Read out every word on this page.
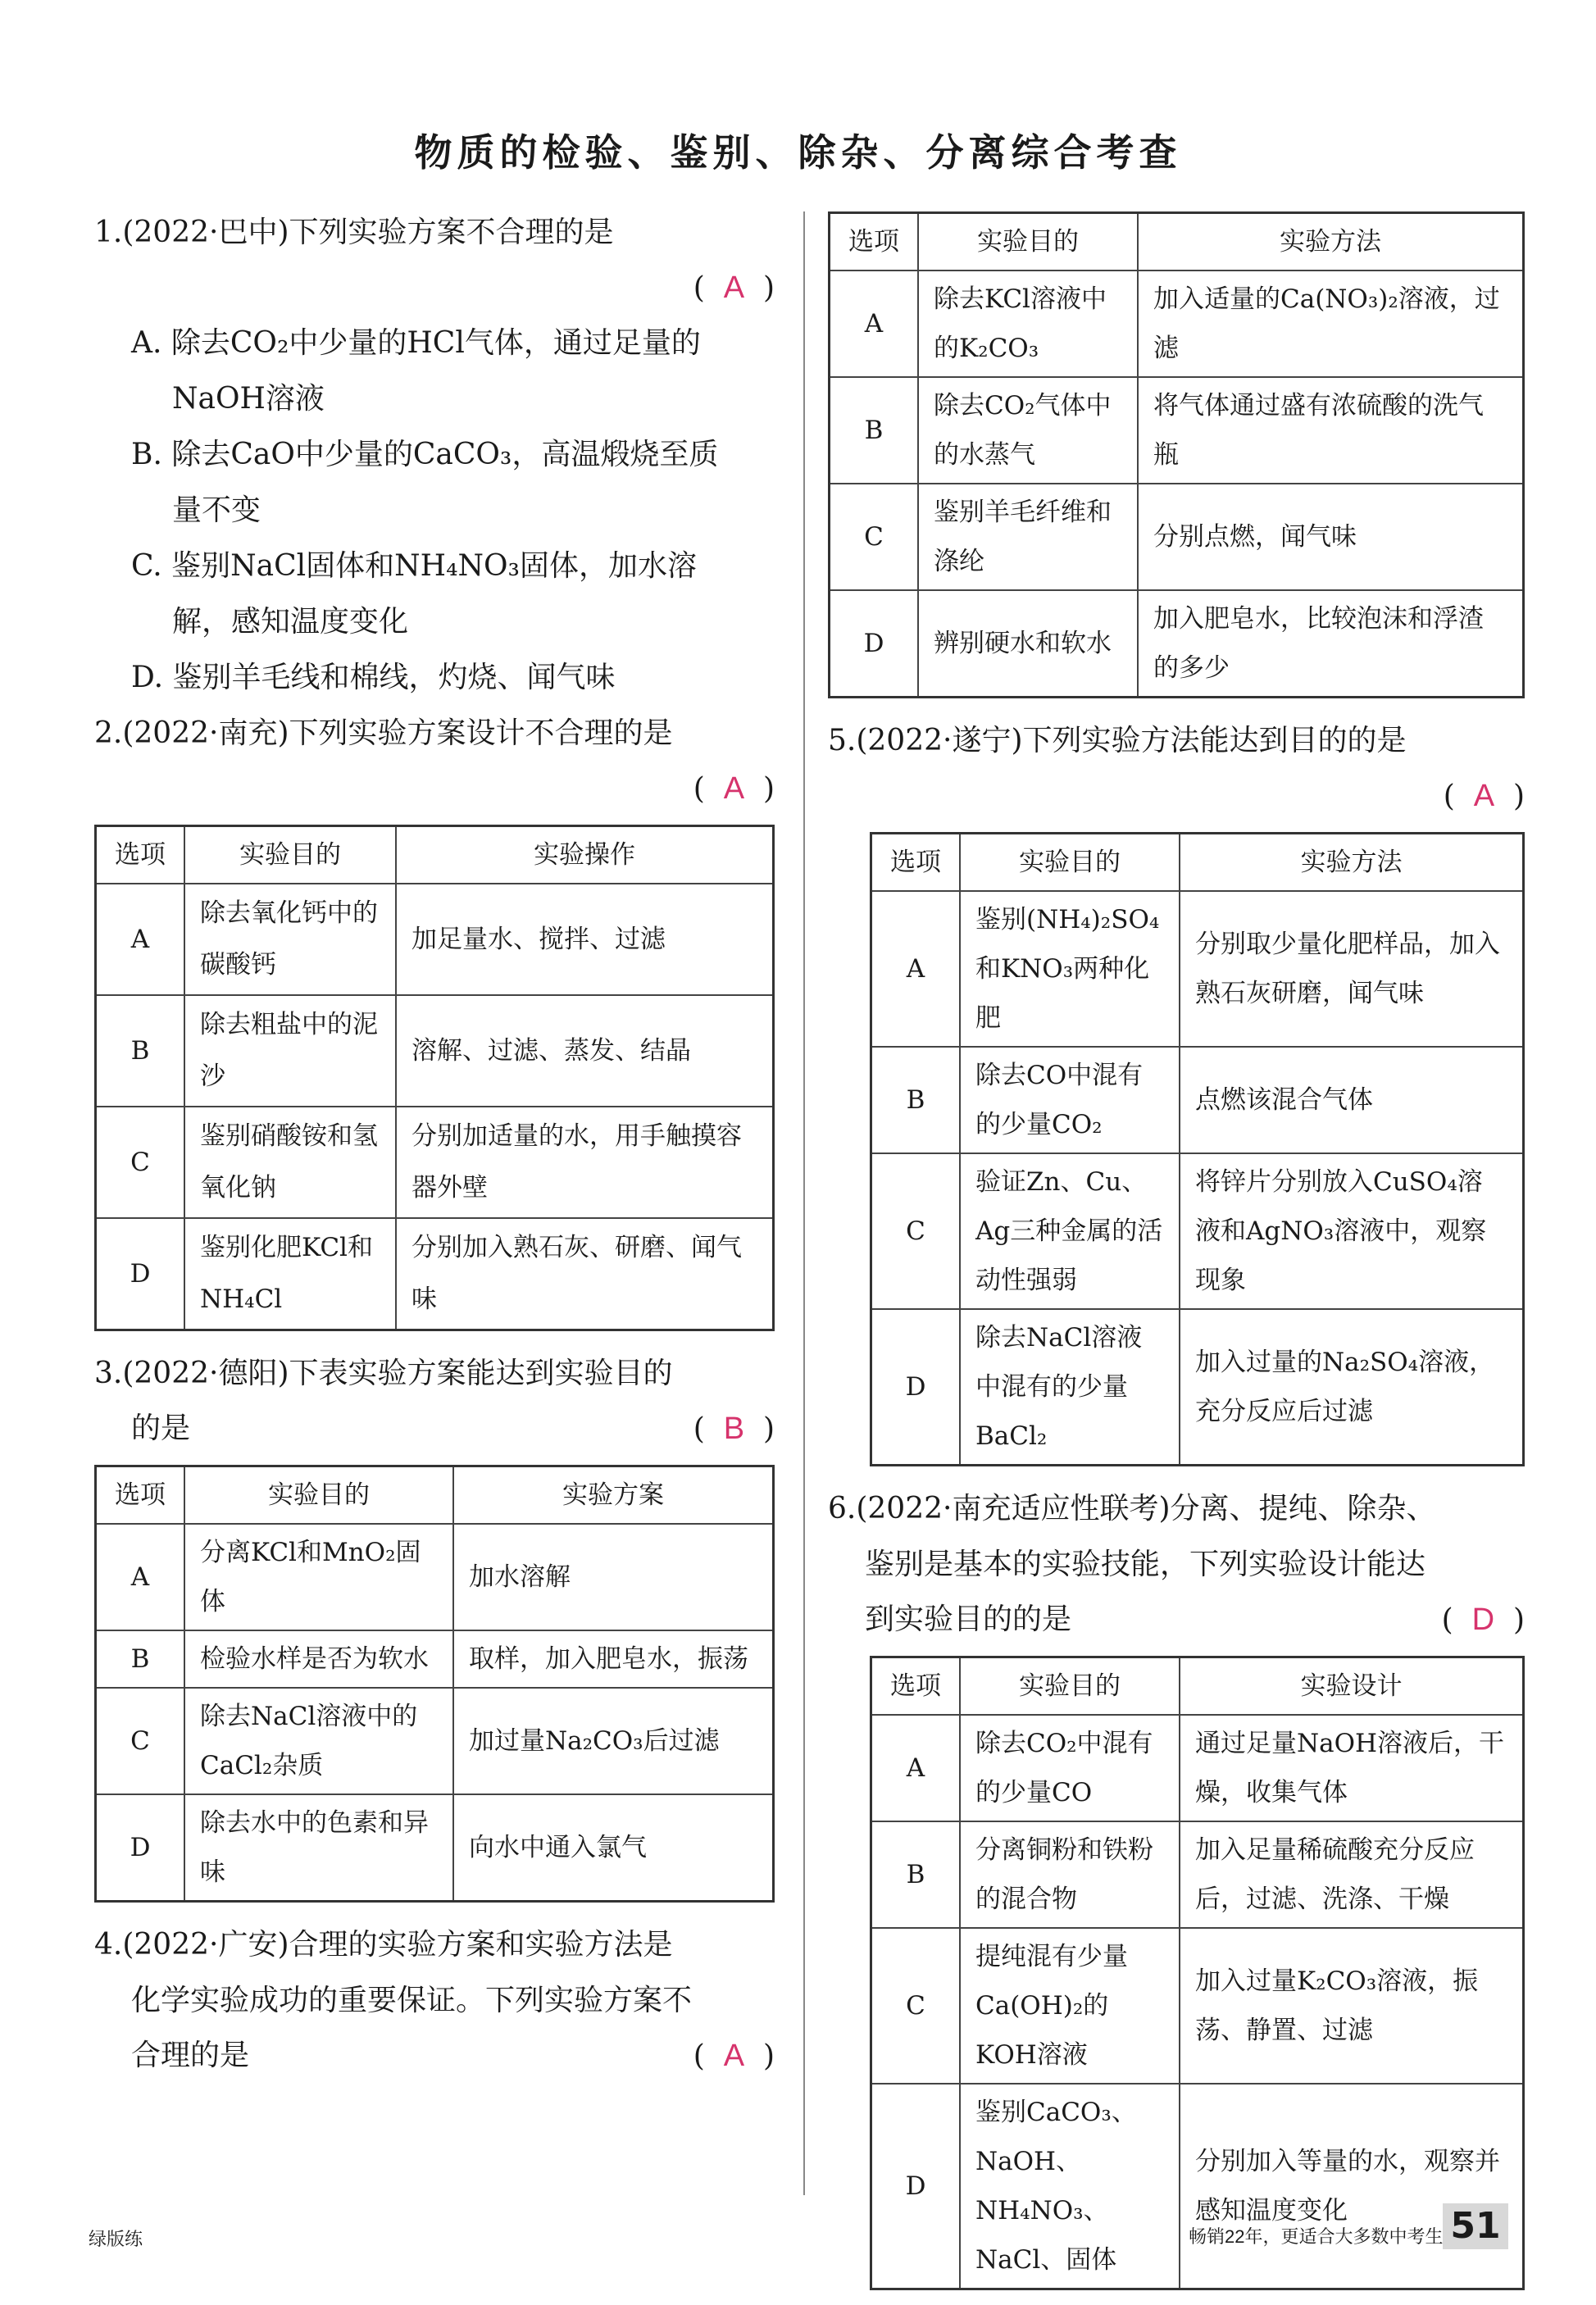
物质的检验、鉴别、除杂、分离综合考查

1.(2022·巴中)下列实验方案不合理的是

(  A  )
A. 除去CO₂中少量的HCl气体，通过足量的
NaOH溶液
B. 除去CaO中少量的CaCO₃，高温煅烧至质
量不变
C. 鉴别NaCl固体和NH₄NO₃固体，加水溶
解，感知温度变化
D. 鉴别羊毛线和棉线，灼烧、闻气味

2.(2022·南充)下列实验方案设计不合理的是

(  A  )
选项	实验目的	实验操作
A	除去氧化钙中的碳酸钙	加足量水、搅拌、过滤
B	除去粗盐中的泥沙	溶解、过滤、蒸发、结晶
C	鉴别硝酸铵和氢氧化钠	分别加适量的水，用手触摸容器外壁
D	鉴别化肥KCl和NH₄Cl	分别加入熟石灰、研磨、闻气味

3.(2022·德阳)下表实验方案能达到实验目的

的是	(  B  )
选项	实验目的	实验方案
A	分离KCl和MnO₂固体	加水溶解
B	检验水样是否为软水	取样，加入肥皂水，振荡
C	除去NaCl溶液中的CaCl₂杂质	加过量Na₂CO₃后过滤
D	除去水中的色素和异味	向水中通入氯气

4.(2022·广安)合理的实验方案和实验方法是

化学实验成功的重要保证。下列实验方案不

合理的是	(  A  )
选项	实验目的	实验方法
A	除去KCl溶液中的K₂CO₃	加入适量的Ca(NO₃)₂溶液，过滤
B	除去CO₂气体中的水蒸气	将气体通过盛有浓硫酸的洗气瓶
C	鉴别羊毛纤维和涤纶	分别点燃，闻气味
D	辨别硬水和软水	加入肥皂水，比较泡沫和浮渣的多少

5.(2022·遂宁)下列实验方法能达到目的的是

(  A  )
选项	实验目的	实验方法
A	鉴别(NH₄)₂SO₄和KNO₃两种化肥	分别取少量化肥样品，加入熟石灰研磨，闻气味
B	除去CO中混有的少量CO₂	点燃该混合气体
C	验证Zn、Cu、Ag三种金属的活动性强弱	将锌片分别放入CuSO₄溶液和AgNO₃溶液中，观察现象
D	除去NaCl溶液中混有的少量BaCl₂	加入过量的Na₂SO₄溶液，充分反应后过滤

6.(2022·南充适应性联考)分离、提纯、除杂、

鉴别是基本的实验技能，下列实验设计能达

到实验目的的是	(  D  )
选项	实验目的	实验设计
A	除去CO₂中混有的少量CO	通过足量NaOH溶液后，干燥，收集气体
B	分离铜粉和铁粉的混合物	加入足量稀硫酸充分反应后，过滤、洗涤、干燥
C	提纯混有少量Ca(OH)₂的KOH溶液	加入过量K₂CO₃溶液，振荡、静置、过滤
D	鉴别CaCO₃、NaOH、NH₄NO₃、NaCl、固体	分别加入等量的水，观察并感知温度变化
绿版练	畅销22年，更适合大多数中考生 51
